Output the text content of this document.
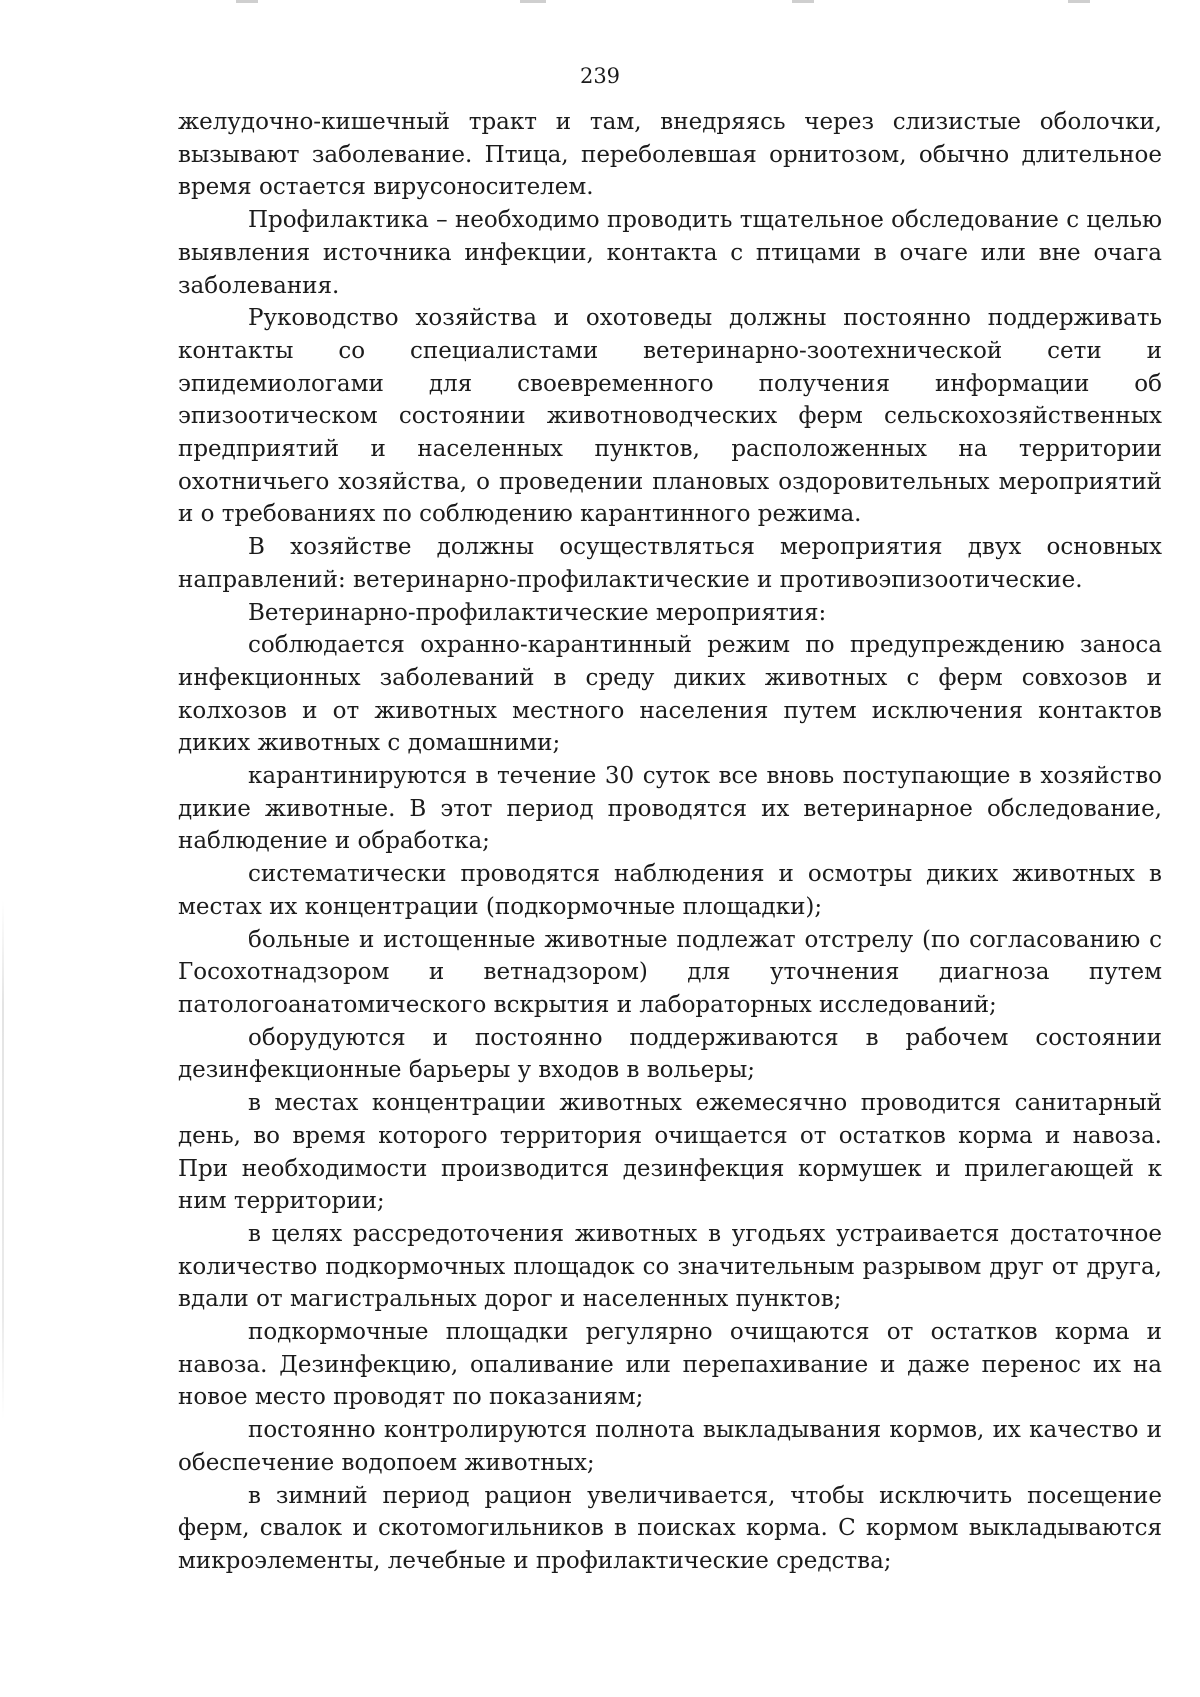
239

желудочно-кишечный тракт и там, внедряясь через слизистые оболочки, вызывают заболевание. Птица, переболевшая орнитозом, обычно длительное время остается вирусоносителем.

Профилактика – необходимо проводить тщательное обследование с целью выявления источника инфекции, контакта с птицами в очаге или вне очага заболевания.

Руководство хозяйства и охотоведы должны постоянно поддерживать контакты со специалистами ветеринарно-зоотехнической сети и эпидемиологами для своевременного получения информации об эпизоотическом состоянии животноводческих ферм сельскохозяйственных предприятий и населенных пунктов, расположенных на территории охотничьего хозяйства, о проведении плановых оздоровительных мероприятий и о требованиях по соблюдению карантинного режима.

В хозяйстве должны осуществляться мероприятия двух основных направлений: ветеринарно-профилактические и противоэпизоотические.

Ветеринарно-профилактические мероприятия:

соблюдается охранно-карантинный режим по предупреждению заноса инфекционных заболеваний в среду диких животных с ферм совхозов и колхозов и от животных местного населения путем исключения контактов диких животных с домашними;

карантинируются в течение 30 суток все вновь поступающие в хозяйство дикие животные. В этот период проводятся их ветеринарное обследование, наблюдение и обработка;

систематически проводятся наблюдения и осмотры диких животных в местах их концентрации (подкормочные площадки);

больные и истощенные животные подлежат отстрелу (по согласованию с Госохотнадзором и ветнадзором) для уточнения диагноза путем патологоанатомического вскрытия и лабораторных исследований;

оборудуются и постоянно поддерживаются в рабочем состоянии дезинфекционные барьеры у входов в вольеры;

в местах концентрации животных ежемесячно проводится санитарный день, во время которого территория очищается от остатков корма и навоза. При необходимости производится дезинфекция кормушек и прилегающей к ним территории;

в целях рассредоточения животных в угодьях устраивается достаточное количество подкормочных площадок со значительным разрывом друг от друга, вдали от магистральных дорог и населенных пунктов;

подкормочные площадки регулярно очищаются от остатков корма и навоза. Дезинфекцию, опаливание или перепахивание и даже перенос их на новое место проводят по показаниям;

постоянно контролируются полнота выкладывания кормов, их качество и обеспечение водопоем животных;

в зимний период рацион увеличивается, чтобы исключить посещение ферм, свалок и скотомогильников в поисках корма. С кормом выкладываются микроэлементы, лечебные и профилактические средства;
